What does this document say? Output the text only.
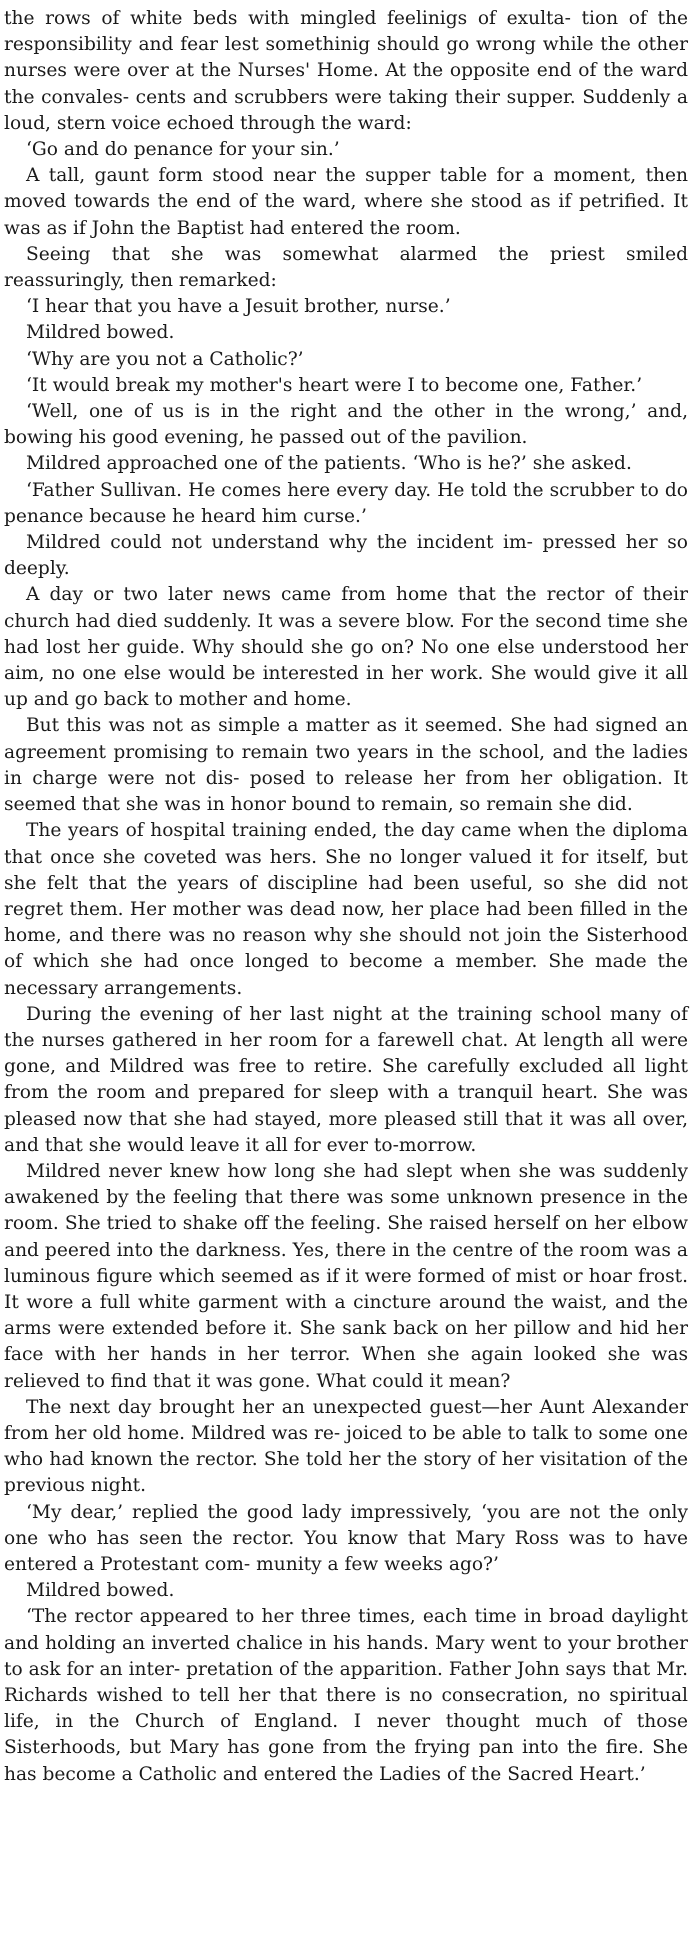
the rows of white beds with mingled feelinigs of exulta- tion of the responsibility and fear lest somethinig should go wrong while the other nurses were over at the Nurses' Home. At the opposite end of the ward the convales- cents and scrubbers were taking their supper. Suddenly a loud, stern voice echoed through the ward:

‘Go and do penance for your sin.’

A tall, gaunt form stood near the supper table for a moment, then moved towards the end of the ward, where she stood as if petrified. It was as if John the Baptist had entered the room.

Seeing that she was somewhat alarmed the priest smiled reassuringly, then remarked:

‘I hear that you have a Jesuit brother, nurse.’

Mildred bowed.

‘Why are you not a Catholic?’

‘It would break my mother's heart were I to become one, Father.’

‘Well, one of us is in the right and the other in the wrong,’ and, bowing his good evening, he passed out of the pavilion.

Mildred approached one of the patients. ‘Who is he?’ she asked.

‘Father Sullivan. He comes here every day. He told the scrubber to do penance because he heard him curse.’

Mildred could not understand why the incident im- pressed her so deeply.

A day or two later news came from home that the rector of their church had died suddenly. It was a severe blow. For the second time she had lost her guide. Why should she go on? No one else understood her aim, no one else would be interested in her work. She would give it all up and go back to mother and home.

But this was not as simple a matter as it seemed. She had signed an agreement promising to remain two years in the school, and the ladies in charge were not dis- posed to release her from her obligation. It seemed that she was in honor bound to remain, so remain she did.

The years of hospital training ended, the day came when the diploma that once she coveted was hers. She no longer valued it for itself, but she felt that the years of discipline had been useful, so she did not regret them. Her mother was dead now, her place had been filled in the home, and there was no reason why she should not join the Sisterhood of which she had once longed to become a member. She made the necessary arrangements.

During the evening of her last night at the training school many of the nurses gathered in her room for a farewell chat. At length all were gone, and Mildred was free to retire. She carefully excluded all light from the room and prepared for sleep with a tranquil heart. She was pleased now that she had stayed, more pleased still that it was all over, and that she would leave it all for ever to-morrow.

Mildred never knew how long she had slept when she was suddenly awakened by the feeling that there was some unknown presence in the room. She tried to shake off the feeling. She raised herself on her elbow and peered into the darkness. Yes, there in the centre of the room was a luminous figure which seemed as if it were formed of mist or hoar frost. It wore a full white garment with a cincture around the waist, and the arms were extended before it. She sank back on her pillow and hid her face with her hands in her terror. When she again looked she was relieved to find that it was gone. What could it mean?

The next day brought her an unexpected guest—her Aunt Alexander from her old home. Mildred was re- joiced to be able to talk to some one who had known the rector. She told her the story of her visitation of the previous night.

‘My dear,’ replied the good lady impressively, ‘you are not the only one who has seen the rector. You know that Mary Ross was to have entered a Protestant com- munity a few weeks ago?’

Mildred bowed.

‘The rector appeared to her three times, each time in broad daylight and holding an inverted chalice in his hands. Mary went to your brother to ask for an inter- pretation of the apparition. Father John says that Mr. Richards wished to tell her that there is no consecration, no spiritual life, in the Church of England. I never thought much of those Sisterhoods, but Mary has gone from the frying pan into the fire. She has become a Catholic and entered the Ladies of the Sacred Heart.’
